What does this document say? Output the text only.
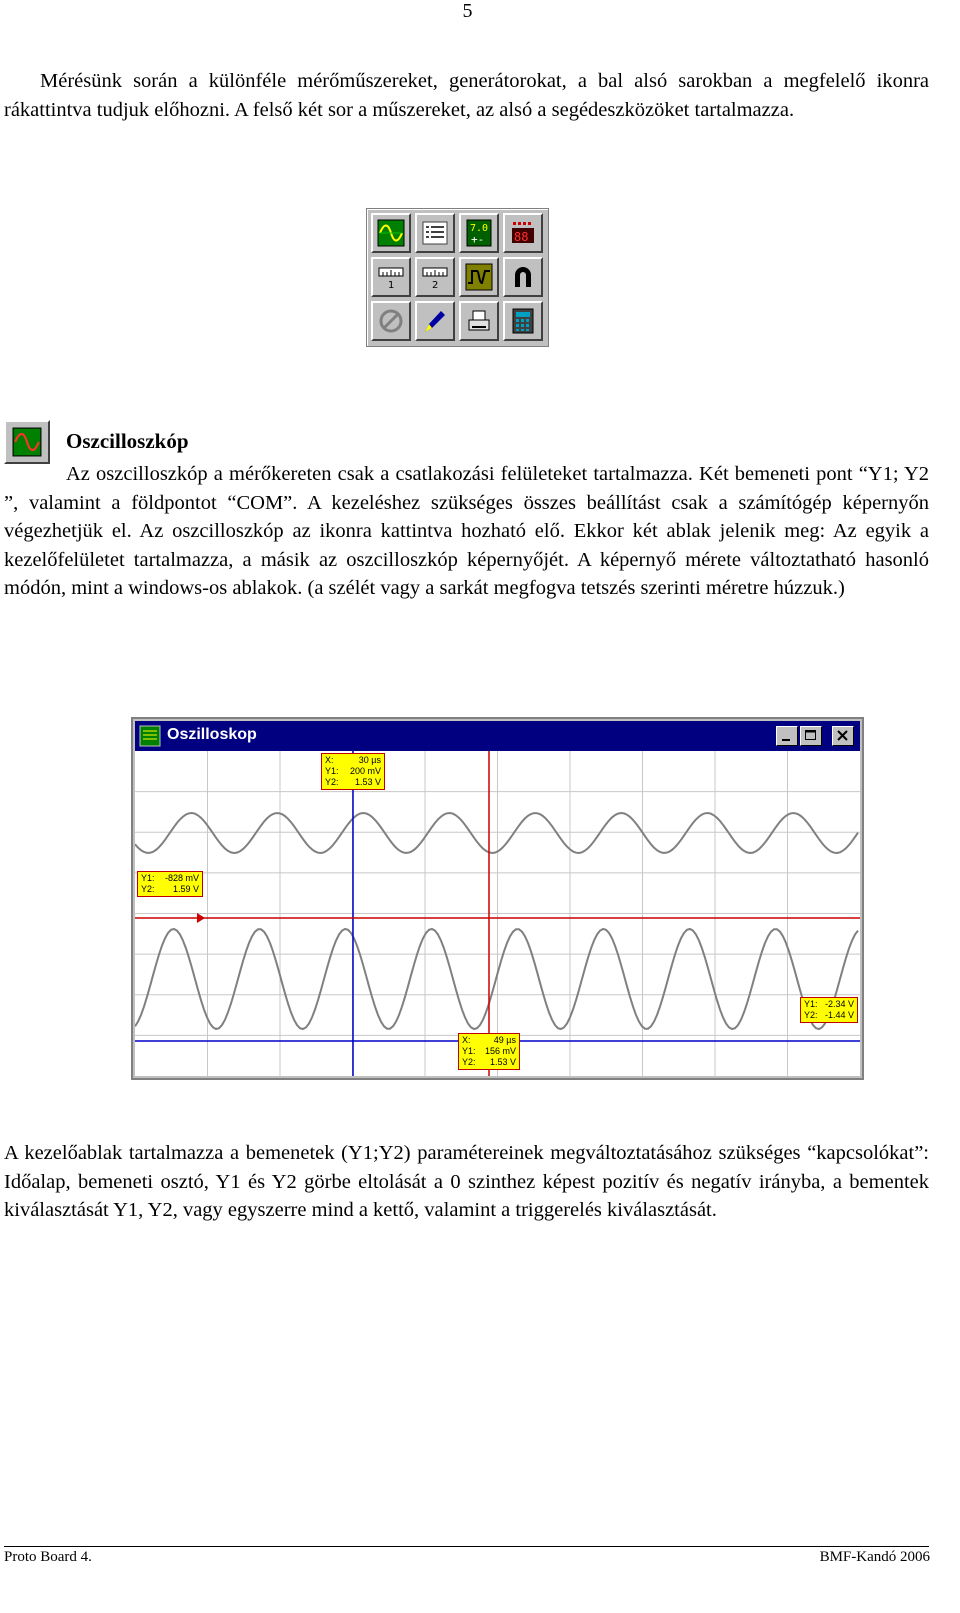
5

Mérésünk során a különféle mérőműszereket, generátorokat, a bal alsó sarokban a megfelelő ikonra rákattintva tudjuk előhozni. A felső két sor a műszereket, az alsó a segédeszközöket tartalmazza.

7.0
+- 88
1	2
Oszcilloszkóp

Az oszcilloszkóp a mérőkereten csak a csatlakozási felületeket tartalmazza. Két bemeneti pont “Y1; Y2 ”, valamint a földpontot “COM”. A kezeléshez szükséges összes beállítást csak a számítógép képernyőn végezhetjük el. Az oszcilloszkóp az ikonra kattintva hozható elő. Ekkor két ablak jelenik meg: Az egyik a kezelőfelületet tartalmazza, a másik az oszcilloszkóp képernyőjét. A képernyő mérete változtatható hasonló módón, mint a windows-os ablakok. (a szélét vagy a sarkát megfogva tetszés szerinti méretre húzzuk.)

Oszilloskop
X:	30 µs
Y1: 200 mV
Y2: 1.53 V
Y1: -828 mV
Y2: 1.59 V
Y1: -2.34 V
Y2: -1.44 V
X:	49 µs
Y1: 156 mV
Y2: 1.53 V

A kezelőablak tartalmazza a bemenetek (Y1;Y2) paramétereinek megváltoztatásához szükséges “kapcsolókat”: Időalap, bemeneti osztó, Y1 és Y2 görbe eltolását a 0 szinthez képest pozitív és negatív irányba, a bementek kiválasztását Y1, Y2, vagy egyszerre mind a kettő, valamint a triggerelés kiválasztását.

Proto Board 4.	BMF-Kandó 2006
